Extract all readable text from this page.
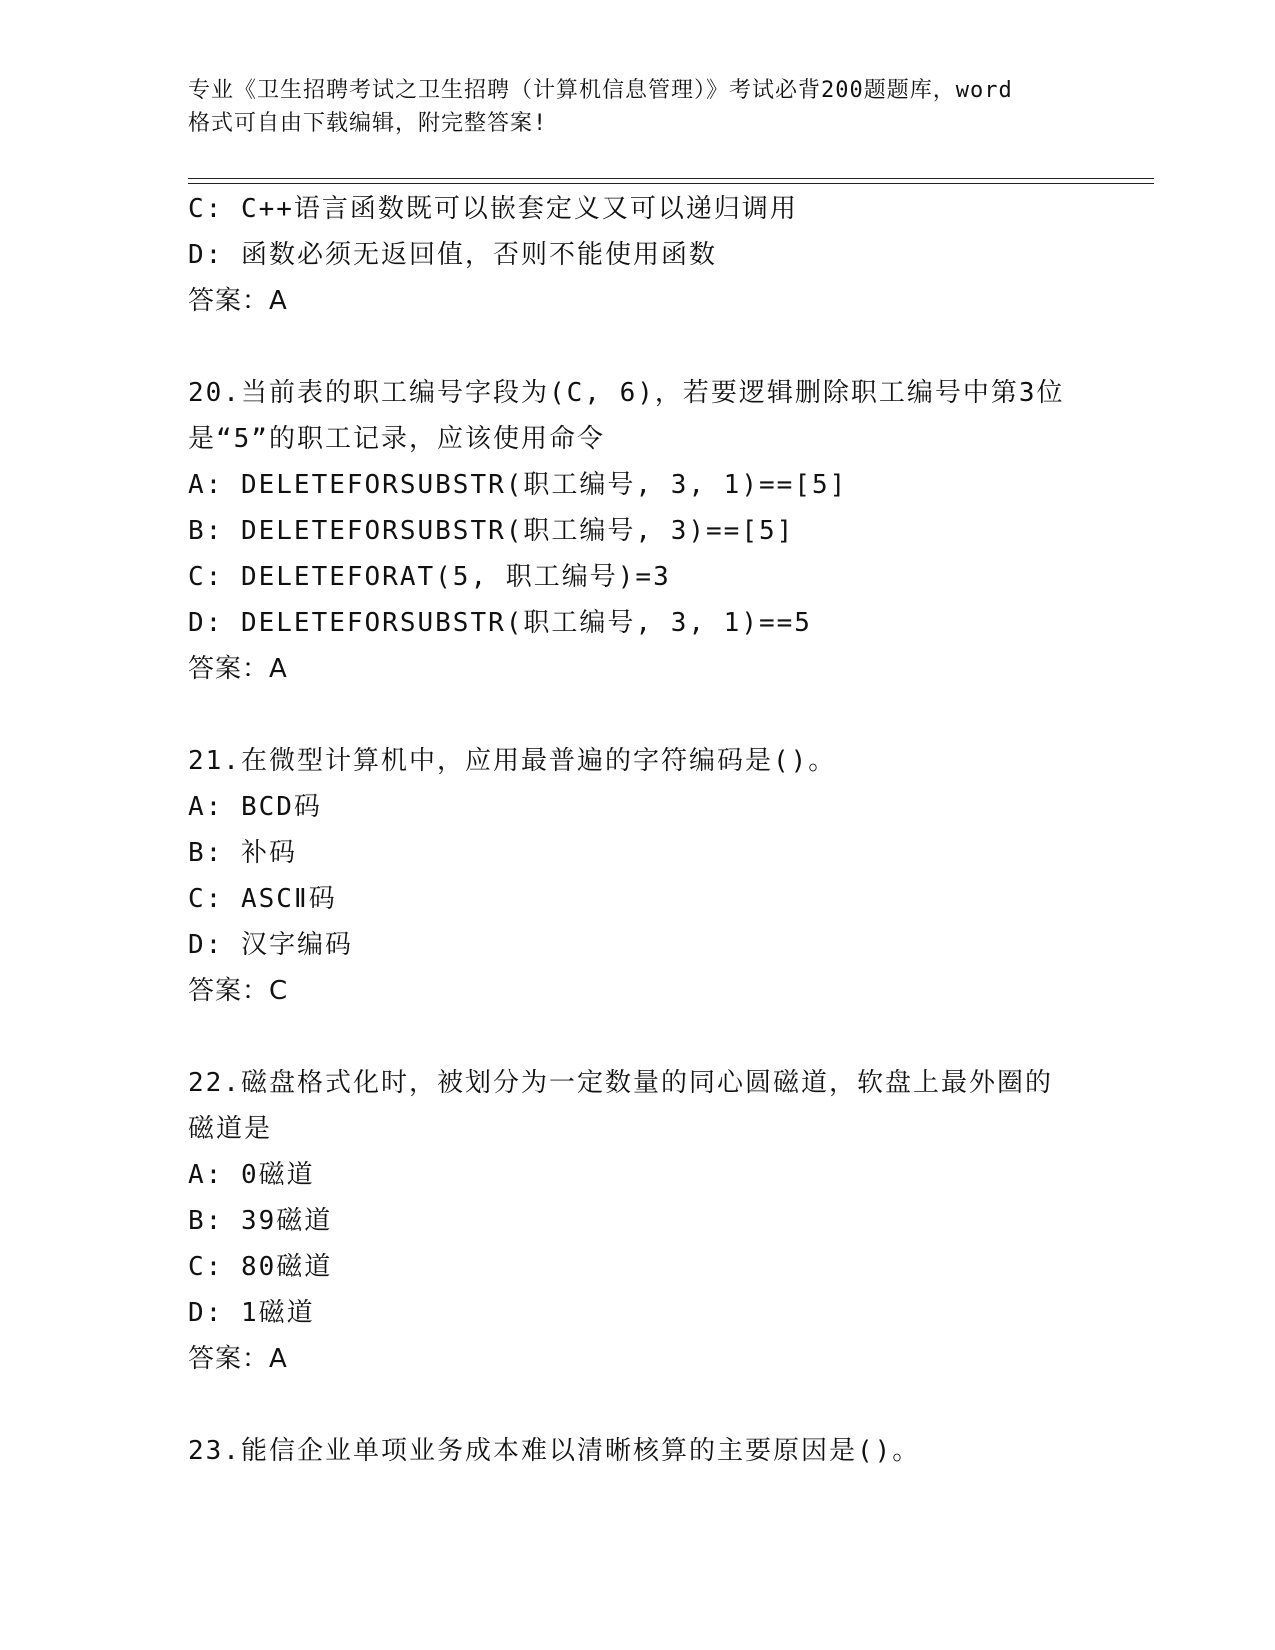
专业《卫生招聘考试之卫生招聘（计算机信息管理）》考试必背200题题库，word
格式可自由下载编辑，附完整答案!

C: C++语言函数既可以嵌套定义又可以递归调用

D: 函数必须无返回值，否则不能使用函数

答案：A

20.当前表的职工编号字段为(C, 6)，若要逻辑删除职工编号中第3位

是“5”的职工记录，应该使用命令

A: DELETEFORSUBSTR(职工编号, 3, 1)==[5]

B: DELETEFORSUBSTR(职工编号, 3)==[5]

C: DELETEFORAT(5, 职工编号)=3

D: DELETEFORSUBSTR(职工编号, 3, 1)==5

答案：A

21.在微型计算机中，应用最普遍的字符编码是()。

A: BCD码

B: 补码

C: ASCⅡ码

D: 汉字编码

答案：C

22.磁盘格式化时，被划分为一定数量的同心圆磁道，软盘上最外圈的

磁道是

A: 0磁道

B: 39磁道

C: 80磁道

D: 1磁道

答案：A

23.能信企业单项业务成本难以清晰核算的主要原因是()。
